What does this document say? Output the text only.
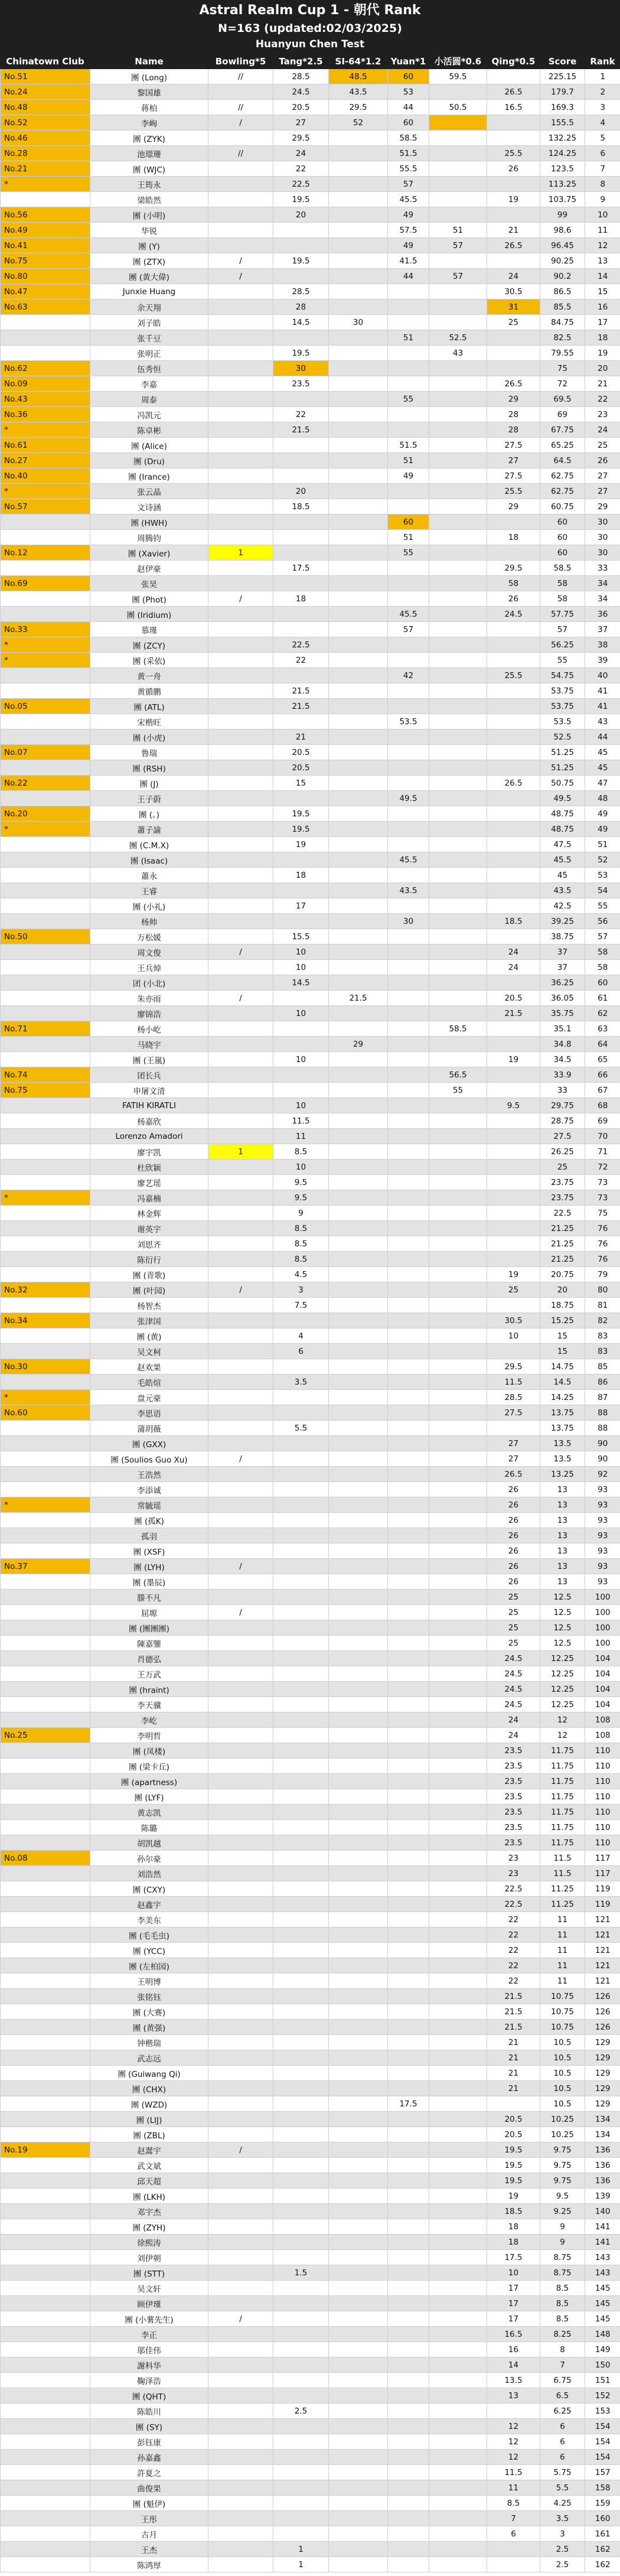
Astral Realm Cup 1 - 朝代 Rank
N=163 (updated:02/03/2025)
Huanyun Chen Test
Chinatown Club	Name	Bowling*5	Tang*2.5	SI-64*1.2	Yuan*1	小活圆*0.6	Qing*0.5	Score	Rank
No.51	團 (Long)	//	28.5	48.5	60	59.5		225.15	1
No.24	黎国雄		24.5	43.5	53		26.5	179.7	2
No.48	蒋柏	//	20.5	29.5	44	50.5	16.5	169.3	3
No.52	李峋	/	27	52	60			155.5	4
No.46	團 (ZYK)		29.5		58.5			132.25	5
No.28	池璟珊	//	24		51.5		25.5	124.25	6
No.21	團 (WJC)		22		55.5		26	123.5	7
*	王筠永		22.5		57			113.25	8
	梁皓然		19.5		45.5		19	103.75	9
No.56	團 (小明)		20		49			99	10
No.49	华锐				57.5	51	21	98.6	11
No.41	團 (Y)				49	57	26.5	96.45	12
No.75	團 (ZTX)	/	19.5		41.5			90.25	13
No.80	團 (黃大偉)	/			44	57	24	90.2	14
No.47	Junxie Huang		28.5				30.5	86.5	15
No.63	余天翔		28				31	85.5	16
	刘子皓		14.5	30			25	84.75	17
	张千豆				51	52.5		82.5	18
	张明正		19.5			43		79.55	19
No.62	伍秀恒		30					75	20
No.09	李嘉		23.5				26.5	72	21
No.43	周泰				55		29	69.5	22
No.36	冯凯元		22				28	69	23
*	陈卓彬		21.5				28	67.75	24
No.61	團 (Alice)				51.5		27.5	65.25	25
No.27	團 (Dru)				51		27	64.5	26
No.40	團 (Irance)				49		27.5	62.75	27
*	张云晶		20				25.5	62.75	27
No.57	文诗涵		18.5				29	60.75	29
	團 (HWH)				60			60	30
	周腾钧				51		18	60	30
No.12	團 (Xavier)	1			55			60	30
	赵伊豪		17.5				29.5	58.5	33
No.69	张昊						58	58	34
	團 (Phot)	/	18				26	58	34
	團 (Iridium)				45.5		24.5	57.75	36
No.33	慕瑾				57			57	37
*	團 (ZCY)		22.5					56.25	38
*	團 (采依)		22					55	39
	黄一舟				42		25.5	54.75	40
	黄循鹏		21.5					53.75	41
No.05	團 (ATL)		21.5					53.75	41
	宋楷旺				53.5			53.5	43
	團 (小虎)		21					52.5	44
No.07	鲁瑞		20.5					51.25	45
	團 (RSH)		20.5					51.25	45
No.22	團 (J)		15				26.5	50.75	47
	王子蔚				49.5			49.5	48
No.20	團 (。)		19.5					48.75	49
*	蕭子諭		19.5					48.75	49
	團 (C.M.X)		19					47.5	51
	團 (Isaac)				45.5			45.5	52
	蕭永		18					45	53
	王睿				43.5			43.5	54
	團 (小礼)		17					42.5	55
	杨帅				30		18.5	39.25	56
No.50	万松媛		15.5					38.75	57
	周文俊	/	10				24	37	58
	王兵焯		10				24	37	58
	团 (小北)		14.5					36.25	60
	朱亦雨	/		21.5			20.5	36.05	61
	廖锦浩		10				21.5	35.75	62
No.71	杨小屹					58.5		35.1	63
	马晓宇			29				34.8	64
	團 (王嵐)		10				19	34.5	65
No.74	团长兵					56.5		33.9	66
No.75	申屠文清					55		33	67
	FATIH KIRATLI		10				9.5	29.75	68
	杨嘉欣		11.5					28.75	69
	Lorenzo Amadori		11					27.5	70
	廖宇凯	1	8.5					26.25	71
	杜欣颖		10					25	72
	廖艺瑶		9.5					23.75	73
*	冯嘉楠		9.5					23.75	73
	林金辉		9					22.5	75
	谢英宇		8.5					21.25	76
	刘思齐		8.5					21.25	76
	陈衍行		8.5					21.25	76
	團 (青歌)		4.5				19	20.75	79
No.32	團 (叶园)	/	3				25	20	80
	杨智杰		7.5					18.75	81
No.34	张津国						30.5	15.25	82
	團 (黄)		4				10	15	83
	吴文柯		6					15	83
No.30	赵欢果						29.5	14.75	85
	毛皓煊		3.5				11.5	14.5	86
*	盘元豪						28.5	14.25	87
No.60	李思语						27.5	13.75	88
	蒲玥薇		5.5					13.75	88
	團 (GXX)						27	13.5	90
	團 (Soulios Guo Xu)	/					27	13.5	90
	王浩然						26.5	13.25	92
	李添诚						26	13	93
*	常毓瑶						26	13	93
	團 (孤K)						26	13	93
	孤羽						26	13	93
	團 (XSF)						26	13	93
No.37	團 (LYH)	/					26	13	93
	團 (墨辰)						26	13	93
	滕不凡						25	12.5	100
	屈塬	/					25	12.5	100
	團 (團團團)						25	12.5	100
	陳嘉鑒						25	12.5	100
	肖德弘						24.5	12.25	104
	王万武						24.5	12.25	104
	團 (hraint)						24.5	12.25	104
	李天骥						24.5	12.25	104
	李屹						24	12	108
No.25	李明哲						24	12	108
	團 (凤楼)						23.5	11.75	110
	團 (梁卡丘)						23.5	11.75	110
	團 (apartness)						23.5	11.75	110
	團 (LYF)						23.5	11.75	110
	黄志凯						23.5	11.75	110
	陈璐						23.5	11.75	110
	胡凯越						23.5	11.75	110
No.08	孙尔豪						23	11.5	117
	刘浩然						23	11.5	117
	團 (CXY)						22.5	11.25	119
	赵鑫宇						22.5	11.25	119
	李美东						22	11	121
	團 (毛毛虫)						22	11	121
	團 (YCC)						22	11	121
	團 (左柏园)						22	11	121
	王明博						22	11	121
	张铭钰						21.5	10.75	126
	團 (大赛)						21.5	10.75	126
	團 (黄强)						21.5	10.75	126
	钟楷瑞						21	10.5	129
	武志远						21	10.5	129
	團 (Guiwang Qi)						21	10.5	129
	團 (CHX)						21	10.5	129
	團 (WZD)				17.5			10.5	129
	團 (LIJ)						20.5	10.25	134
	團 (ZBL)						20.5	10.25	134
No.19	赵翯宇	/					19.5	9.75	136
	武文斌						19.5	9.75	136
	邱天超						19.5	9.75	136
	團 (LKH)						19	9.5	139
	邓宇杰						18.5	9.25	140
	團 (ZYH)						18	9	141
	徐熙涛						18	9	141
	刘伊朝						17.5	8.75	143
	團 (STT)		1.5				10	8.75	143
	吴文轩						17	8.5	145
	顾伊瑾						17	8.5	145
	團 (小薯先生)	/					17	8.5	145
	李正						16.5	8.25	148
	邬佳伟						16	8	149
	謝科华						14	7	150
	鞠泽浩						13.5	6.75	151
	團 (QHT)						13	6.5	152
	陈皓川		2.5					6.25	153
	團 (SY)						12	6	154
	彭钰康						12	6	154
	孙嘉鑫						12	6	154
	許夏之						11.5	5.75	157
	曲俊果						11	5.5	158
	團 (魁伊)						8.5	4.25	159
	王彤						7	3.5	160
	古月						6	3	161
	王杰		1					2.5	162
	陈鸿厚		1					2.5	162
